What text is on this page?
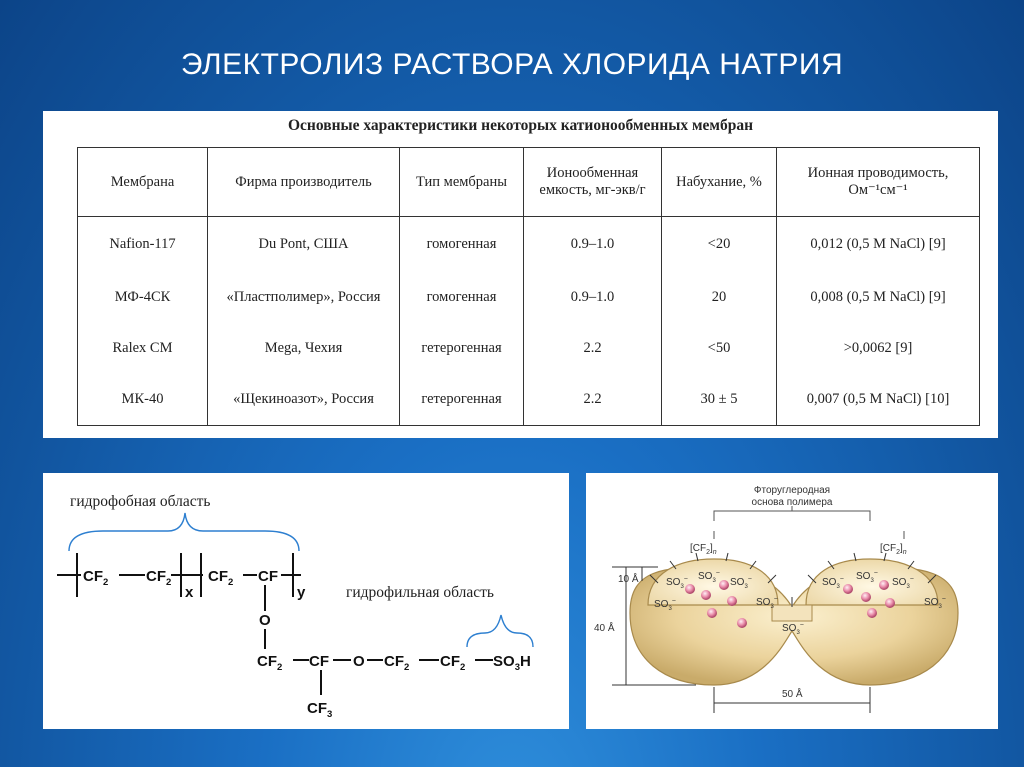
ЭЛЕКТРОЛИЗ РАСТВОРА ХЛОРИДА НАТРИЯ
Основные характеристики некоторых катионообменных мембран
Мембрана	Фирма производитель	Тип мембраны	Ионообменная емкость, мг-экв/г	Набухание, %	Ионная проводимость, Ом⁻¹см⁻¹
Nafion-117	Du Pont, США	гомогенная	0.9–1.0	<20	0,012 (0,5 M NaCl) [9]
МФ-4СК	«Пластполимер», Россия	гомогенная	0.9–1.0	20	0,008 (0,5 M NaCl) [9]
Ralex CM	Mega, Чехия	гетерогенная	2.2	<50	>0,0062 [9]
МК-40	«Щекиноазот», Россия	гетерогенная	2.2	30 ± 5	0,007 (0,5 M NaCl) [10]
гидрофобная область
$CF_2$	$CF_2$
x
$CF_2$ CF
y
O
$CF_2$ CF
$CF_3$
O $CF_2$ $CF_2$ $SO_3H$
гидрофильная область
Фторуглеродная
основа полимера
$[CF_2]_n$	$[CF_2]_n$
$SO_3^-$ $SO_3^-$
$SO_3^-$
$SO_3^-$	$SO_3^-$
$SO_3^-$
$SO_3^-$ $SO_3^-$
$SO_3^-$
$SO_3^-$
10 Å
40 Å
50 Å
